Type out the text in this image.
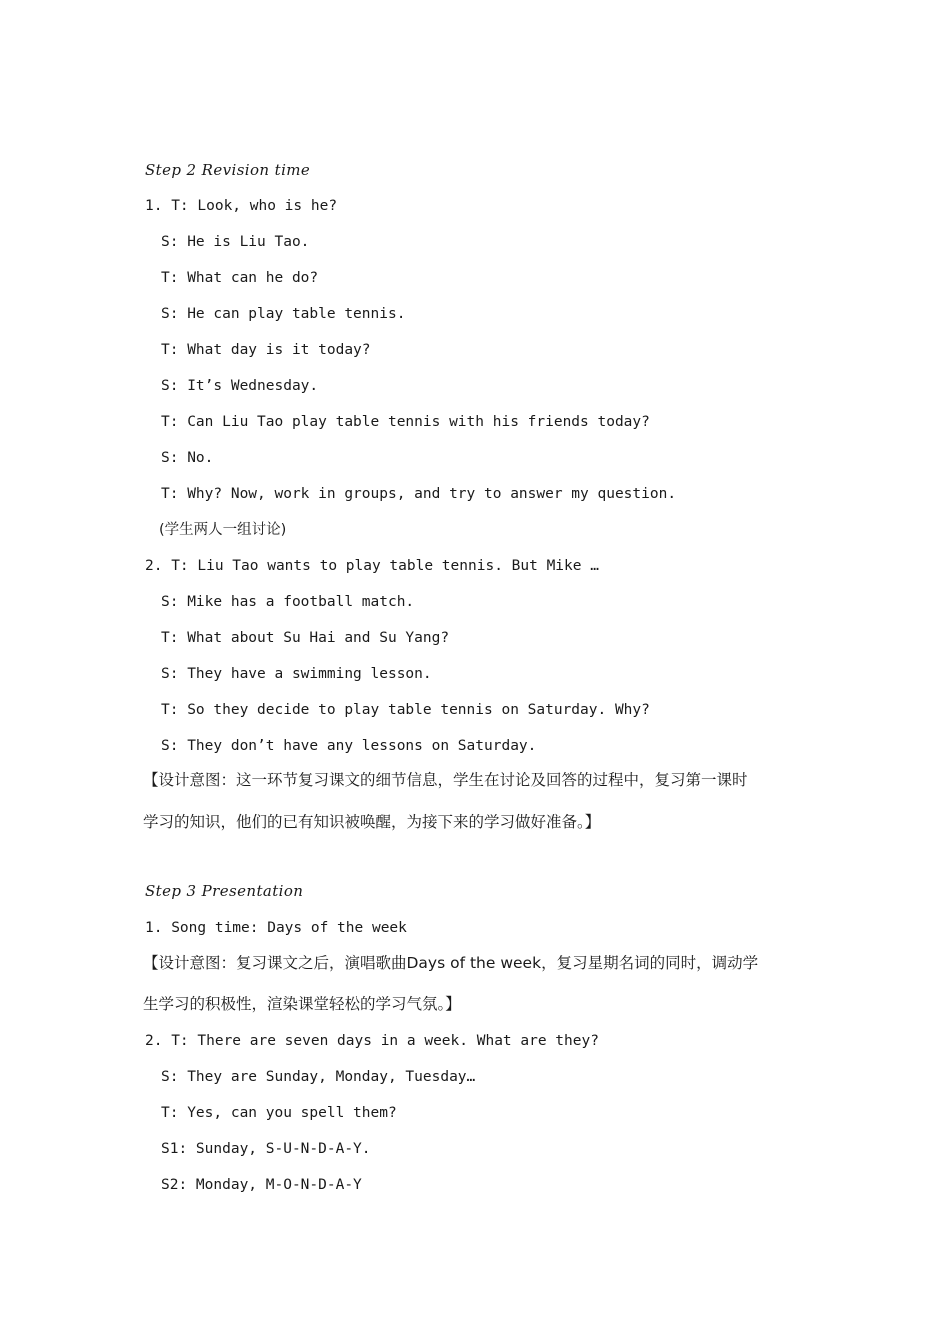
Step 2 Revision time
1. T: Look, who is he?
S: He is Liu Tao.
T: What can he do?
S: He can play table tennis.
T: What day is it today?
S: It’s Wednesday.
T: Can Liu Tao play table tennis with his friends today?
S: No.
T: Why? Now, work in groups, and try to answer my question.
(学生两人一组讨论)
2. T: Liu Tao wants to play table tennis. But Mike …
S: Mike has a football match.
T: What about Su Hai and Su Yang?
S: They have a swimming lesson.
T: So they decide to play table tennis on Saturday. Why?
S: They don’t have any lessons on Saturday.
【设计意图：这一环节复习课文的细节信息，学生在讨论及回答的过程中，复习第一课时
学习的知识，他们的已有知识被唤醒，为接下来的学习做好准备。】
Step 3 Presentation
1. Song time: Days of the week
【设计意图：复习课文之后，演唱歌曲Days of the week，复习星期名词的同时，调动学
生学习的积极性，渲染课堂轻松的学习气氛。】
2. T: There are seven days in a week. What are they?
S: They are Sunday, Monday, Tuesday…
T: Yes, can you spell them?
S1: Sunday, S-U-N-D-A-Y.
S2: Monday, M-O-N-D-A-Y
